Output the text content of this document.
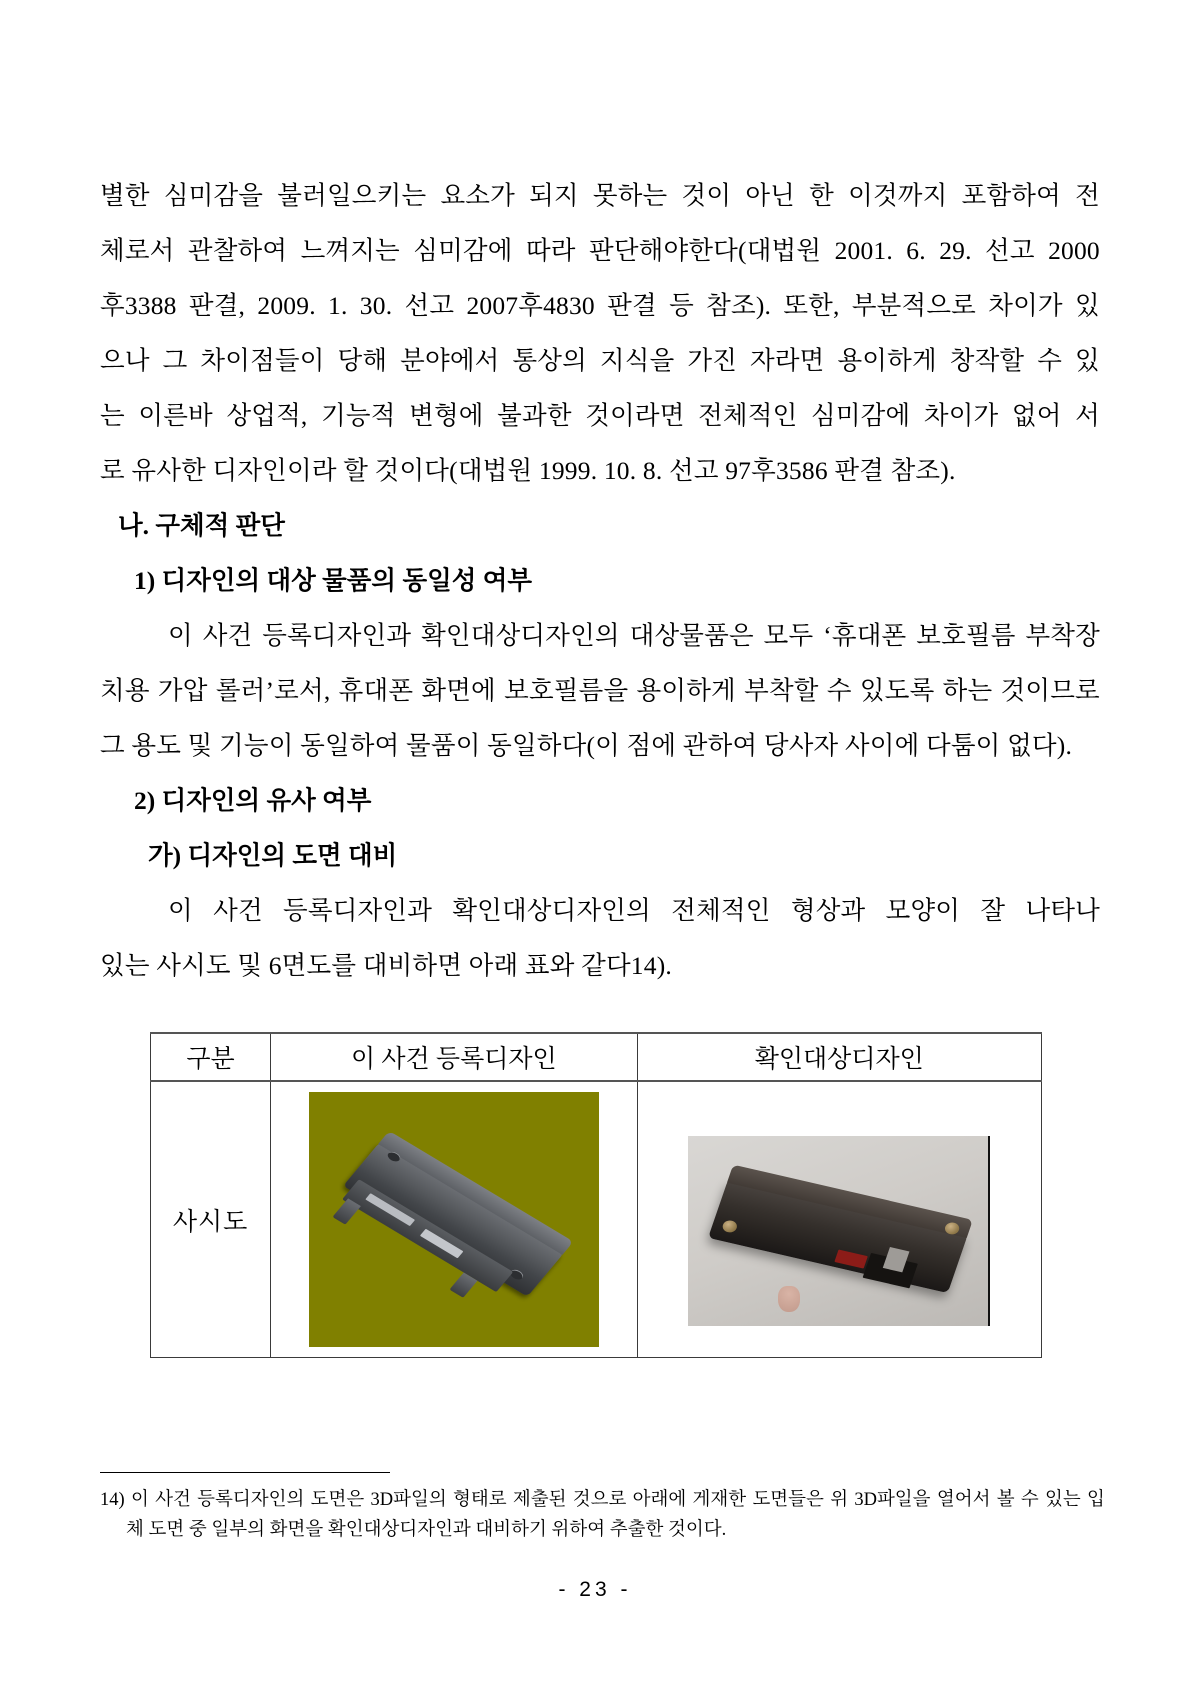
별한 심미감을 불러일으키는 요소가 되지 못하는 것이 아닌 한 이것까지 포함하여 전
체로서 관찰하여 느껴지는 심미감에 따라 판단해야한다(대법원 2001. 6. 29. 선고 2000
후3388 판결, 2009. 1. 30. 선고 2007후4830 판결 등 참조). 또한, 부분적으로 차이가 있
으나 그 차이점들이 당해 분야에서 통상의 지식을 가진 자라면 용이하게 창작할 수 있
는 이른바 상업적, 기능적 변형에 불과한 것이라면 전체적인 심미감에 차이가 없어 서
로 유사한 디자인이라 할 것이다(대법원 1999. 10. 8. 선고 97후3586 판결 참조).
나. 구체적 판단
1) 디자인의 대상 물품의 동일성 여부
이 사건 등록디자인과 확인대상디자인의 대상물품은 모두 ‘휴대폰 보호필름 부착장
치용 가압 롤러’로서, 휴대폰 화면에 보호필름을 용이하게 부착할 수 있도록 하는 것이므로
그 용도 및 기능이 동일하여 물품이 동일하다(이 점에 관하여 당사자 사이에 다툼이 없다).
2) 디자인의 유사 여부
가) 디자인의 도면 대비
이 사건 등록디자인과 확인대상디자인의 전체적인 형상과 모양이 잘 나타나
있는 사시도 및 6면도를 대비하면 아래 표와 같다14).
구분	이 사건 등록디자인	확인대상디자인
사시도	

14) 이 사건 등록디자인의 도면은 3D파일의 형태로 제출된 것으로 아래에 게재한 도면들은 위 3D파일을 열어서 볼 수 있는 입
체 도면 중 일부의 화면을 확인대상디자인과 대비하기 위하여 추출한 것이다.
- 23 -
